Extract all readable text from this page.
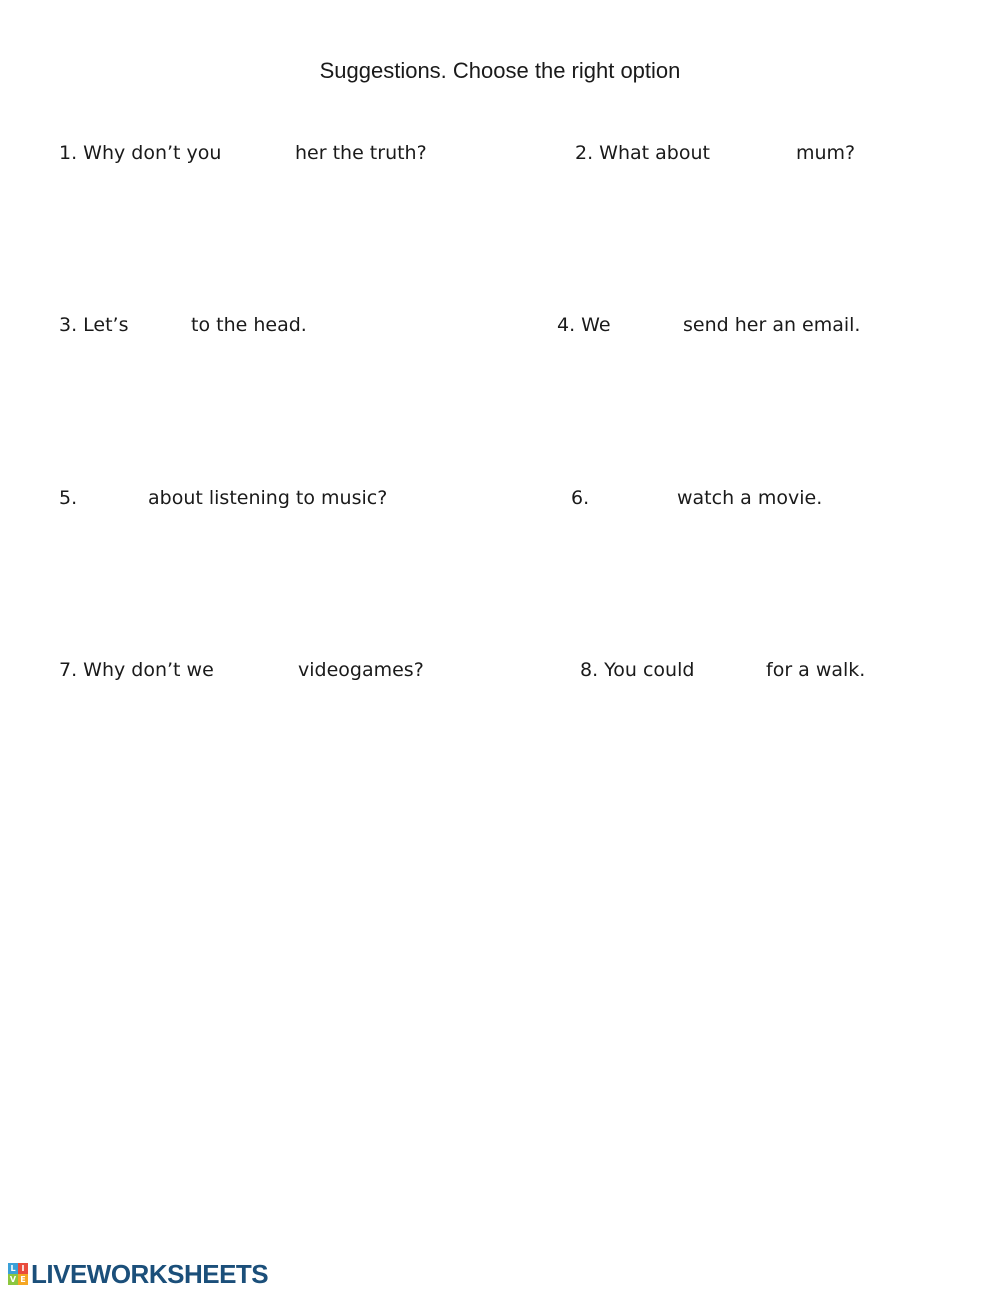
Suggestions. Choose the right option
1. Why don’t you	her the truth?	2. What about	mum?
3. Let’s	to the head.	4. We	send her an email.
5.	about listening to music?	6.	watch a movie.
7. Why don’t we	videogames?	8. You could	for a walk.
L I
V E LIVEWORKSHEETS
